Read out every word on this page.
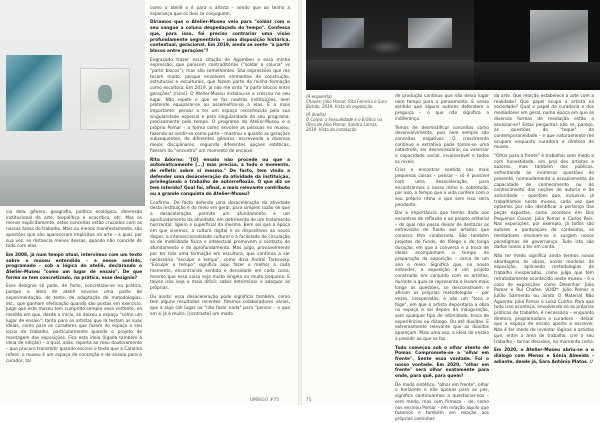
cia dela, gênero, geografia, política ecológica, dimensão institucional da arte, biopolítica e ecocrítica, etc. Mas os menos explicitamente, estes conceitos estão cruzados com as nossas áreas de trabalho. Mais ou menos manifestamente, são questões que são apareceram implícitas na arte – a qual, por sua vez, se distancia menos dessas, quando não coincide de todo com elas.

Em 2008, já num tempo atual, intervimos com um texto sobre o museu entendido – a nesse sentido, programado – sob a lógica do ateliê, declarando o Atelier-Museu "como um lugar de ensaio". De que forma se tem concretizado, na prática, esse desígnio?

Esse desígnio só pode, de facto, concretizar-se na prática, porque a ideia de ateliê envolve uma parte de experimentação, de teste, de adaptação de metodologias, etc., que ganham efetivação quando são postas em exercício. Julgo que este museu tem cumprido sempre essa vertente, na medida em que, desde o início, se deixou o espaço "como um lugar de ensaio"; tanto para os artistas que lá testam as suas ideias, como para os curadores que fazem do espaço o seu locus de trabalho, particularmente quando o projeto de montagem das exposições. Fica esta ideia (ligada também à ideia de edição) – a qual, aliás, reporta ao meu doutoramento – que procuro transmitir quando escrevi o texto que a Carolina refere: o museu é um espaço de conceção e de ensaio para o curador, tal

como o ateliê o é para o artista – sendo que ao tenho a esperança que os dois se conjuguem.

Diríamos que o Atelier-Museu veio para "soldar com o seu sangue a coluna despedaçada do tempo". Confessa que, para isso, foi preciso contrariar uma visão profundamente segmentária – uma disposição histórica, contextual, geracional. Em 2019, ainda se sente "a partir blocos entre gerações"?

Engraçado trazer essa citação de Agamben e essa minha expressão, que parecem contraditórias ("soldar a coluna" vs "partir blocos"), mas são semelhantes. São expressões que me tocam muito, porque envolvem elementos de construção, estruturais e esculturais, que fazem parte da minha formação como escultora. Em 2019, já não me sinto "a partir blocos entre gerações" [risos]. O Atelier-Museu instalou-se e cresceu no seu lugar. Não repete o que se faz noutras instituições, nem pretende equiparar-se ou assemelhar-se a elas. É o mais importante: pensar o ter um espaço reconhecido pela sua singularidade especial e pela singularidade do seu programa; precisamente pelo tempo. O programa do Atelier-Museu e o próprio Pomar – a forma como envolve as pessoas no museu, fazendo-as sentir-se como parte – mostrou o quanto as gerações subsequentes, de diferentes géneros, escrevendo a diversos meios disciplinares, seguindo diferentes opções estéticas, fizeram do "encontro" um momento de encaixe.

Rita Adorno: "[O] ensaio não procede ou que a automaticamente [...] mas precisa, a todo o momento, de refletir sobre si mesmo." De facto, tem vindo a defender uma desaceleração da atividade da instituição, privilegiando o trabalho de autorreflexão. O que diz se tem inferido? Qual foi, afinal, o mais relevante contributo ou a grande conquista do Atelier-Museu?

Confirmo. De facto defendo uma desaceleração da atividade desta instituição e do meio em geral, para simples razão de que a desaceleração permite um afundamento e um aprofundamento da atividade, em detrimento de um tratamento horizontal, ligeiro e superficial da mesma. Bem sei que a época em que vivemos, a cultura digital e os dispositivos ao nosso dispor, a interseccionalidade cultural e a facilidade de circulação só de mobilidade física e intelectual promovem o contacto do afundamento e do aprofundamento. Mas julgo, provavelmente por ter tido uma formação em escultura, que continua a ser necessário "esculpir o tempo", como dizia Andrei Tarkovsky. "Esculpir o tempo" significa aqui fazer o melhor a cada momento, encontrando sentido e densidade em cada coisa, mesmo que essa coisa seja muito singela ou muito pequena. E talvez isso seja o mais difícil: saber determinar e adequar as próprias.

Ou ainda: essa desaceleração pode significar também, como tem alguns resultados recentes: fizemos colaboradores vários, que a algo (ah lugar ao "não fazer nada" para "pensar – o que em si já é muito, [contraste] um modo

UMBIGO #75
(À esquerda)
Chaves: Júlio Pomar, Rita Ferreira e Sara Bichão, 2019. Vista da exposição
(À direita)
O Corpo, a Sexualidade e o Erótico na Obra de Júlio Pomar, Sandra Lamas, 2019. Vista da instalação

de produção contínuo que não deixa lugar nem tempo para o pensamento. E nesse sentido que alguns autores defendem a preguiça – o que não significa a indiferença.

Temos de desmistificar conceitos como desenvolvimento, pois nem sempre são conceitos negativos. O crescimento contínuo e extrativo pode tornar-se uma catástrofe, ser desnecessário; ou valorizar a capacidade social, invulnerável e todos os níveis.

Criar e encontrar sentido nas mais pequenas coisas – pensar – só é possível com uma desaceleração, para encontrarmos o nosso ritmo e, sobretudo, por isso, o tempo que a vida confere com o seu próprio ritmo e que sem isso seria pendente.

Dai a importância que temos dado aos encontros de reflexão e ao projeto editorial – do qual não posso deixar de destacar as entrevistas de fundo aos artistas que conosco têm colaborado. São também projetos de fundo, de fôlego e de longa duração, em que a conversa e a troca de ideias acompanham o tempo de preparação da exposição – cerca de um ano e meio. Significa que, no nosso entender, a exposição é um projeto construído em conjunto com os artistas, durante o qual se representa e levam mais longe as questões, se desconstroem e afinam as próprias metodologias – por vezes, inesperadas; e não um "toca e foge", em que o artista depositaria a obra no espaço e sai depois da inauguração, sem qualquer tipo de intimidade, troca de experiências ou diálogo. Ou até dúvidas. E extremamente relevante que as dúvidas apareçam. Mais uma vez, a ideia do ensaio a presidir ao que se faz.

Tudo começou sob o olhar atento de Pomar. Compromete-se a "olhar em frente". Sente essa vontade. Foi o nosso vontade. Em 2020, "olhar em frente" será olhar exatamente para onde, para quê, para quem?

De modo sintético, "olhar em frente", olhar o horizonte e não apenas para os pés, significa continuarmos a questionar-nos – sem medo, mas com firmeza – de, como nos ensinou Pomar – em relação àquilo que fazemos e também em relação aos próprios caminhos

da arte. Que relação estabelece a arte com a realidade? Que papel ocupa o artista na sociedade? Qual o papel da curadoria e dos mediadores em geral, numa época em que as diversas formas de mediação estão a esvaziar-se? Estas perguntas não se, pareço, às questões do "toque" da contemporaneidade – e que naturalmente me ocupam enquanto curadora e diretora do museu.

"Olhar para a frente" é trabalhar sem medo e com honestidade, em prol dos artistas e autores, mas também dos públicos, enfrentando as inúmeras questões do presente, nomeadamente o esvaziamento da capacidade de conhecimento ou do conhecimento das noções de autoria e de autoridade – questões que, inclusive, já trabalhámos neste museu, cada vez que optamos por não identificar a pertença das peças expostas, como acontece em Dos Pequenos Coisas: Júlio Pomar e Carlos Reis. Nas exposições, por exemplo, já todos são autores e pontuações de conteúdos, os mediadores ensinam-se e surgem novos paradigmas de governança. Tudo isto são dados novos a ter em conta.

Não ter medo significa ainda termos novas abordagens às obras, novos modelos de exposição, aplicando metodologias de trabalho inesperadas, como julgo que tem retratadamente acontecido neste museu – é o caso de exposições como Desenhar: Júlio Pomar e Rui Chafes, VOID*: Júlio Pomar e Julião Sarmento ou ainda O Material Não Aguenta: Júlio Pomar e Luísa Cunha. Para que tudo isso aconteça, envolvendo-se as próprias práticas de trabalho, é necessário – enquanto diretora, programadora e curadora – deixar que o espaço de ensaio aperte a escrever. Não é ter medo de inventar lógicas a artistas que, entre a área de trabalho, crie o seu trabalho – tornar decisões, no momento certo.

Em 2020, o Atelier-Museu abriu-se a o diálogo com Menez e Sónia Almeida – adiante, desde já, Sara António Matos. //

75
